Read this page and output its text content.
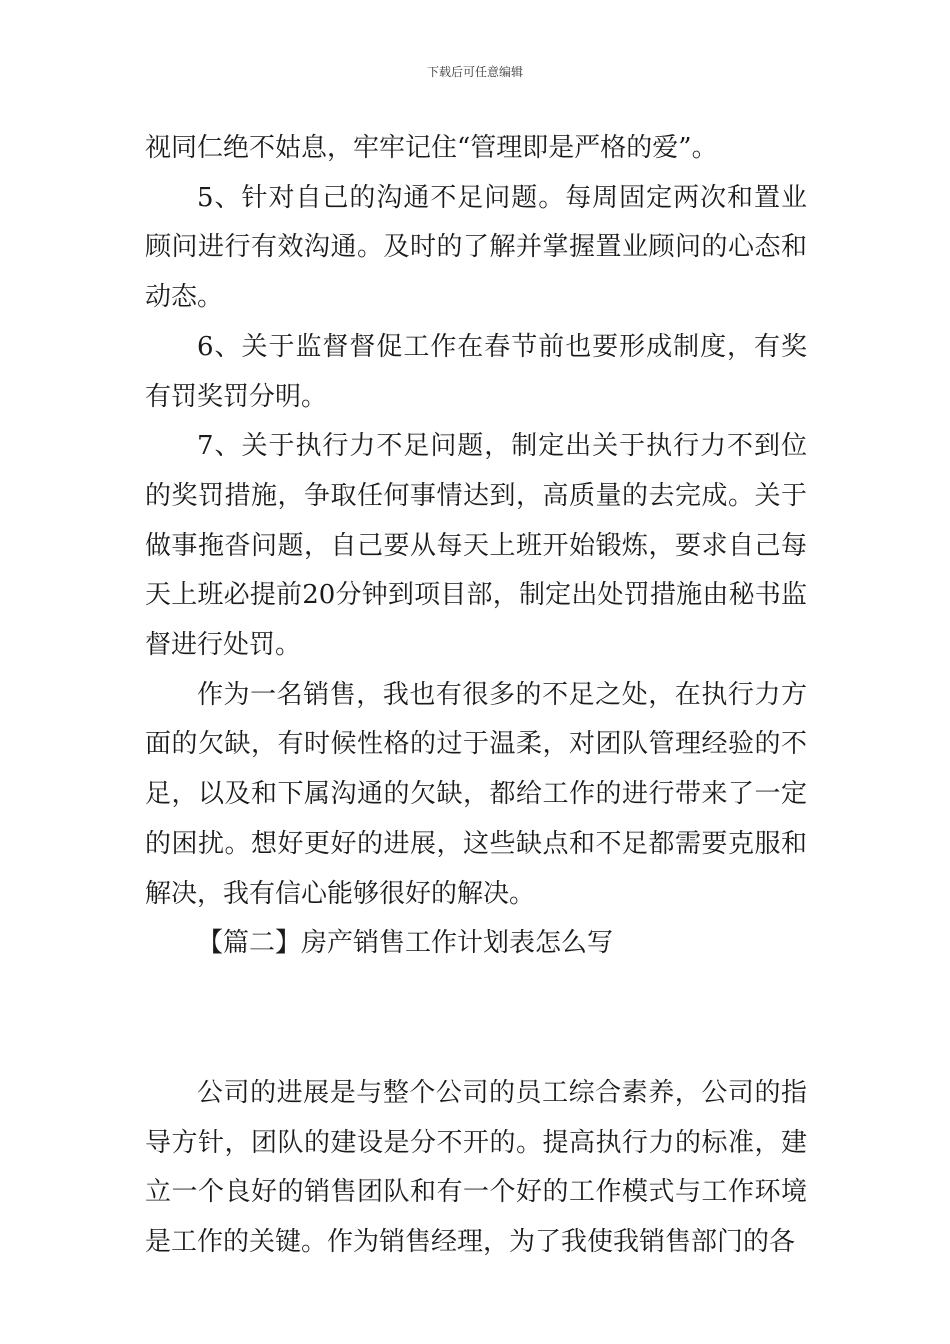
下载后可任意编辑

视同仁绝不姑息，牢牢记住“管理即是严格的爱”。

5、针对自己的沟通不足问题。每周固定两次和置业顾问进行有效沟通。及时的了解并掌握置业顾问的心态和动态。

6、关于监督督促工作在春节前也要形成制度，有奖有罚奖罚分明。

7、关于执行力不足问题，制定出关于执行力不到位的奖罚措施，争取任何事情达到，高质量的去完成。关于做事拖沓问题，自己要从每天上班开始锻炼，要求自己每天上班必提前20分钟到项目部，制定出处罚措施由秘书监督进行处罚。

作为一名销售，我也有很多的不足之处，在执行力方面的欠缺，有时候性格的过于温柔，对团队管理经验的不足，以及和下属沟通的欠缺，都给工作的进行带来了一定的困扰。想好更好的进展，这些缺点和不足都需要克服和解决，我有信心能够很好的解决。

【篇二】房产销售工作计划表怎么写

公司的进展是与整个公司的员工综合素养，公司的指导方针，团队的建设是分不开的。提高执行力的标准，建立一个良好的销售团队和有一个好的工作模式与工作环境是工作的关键。作为销售经理，为了我使我销售部门的各
